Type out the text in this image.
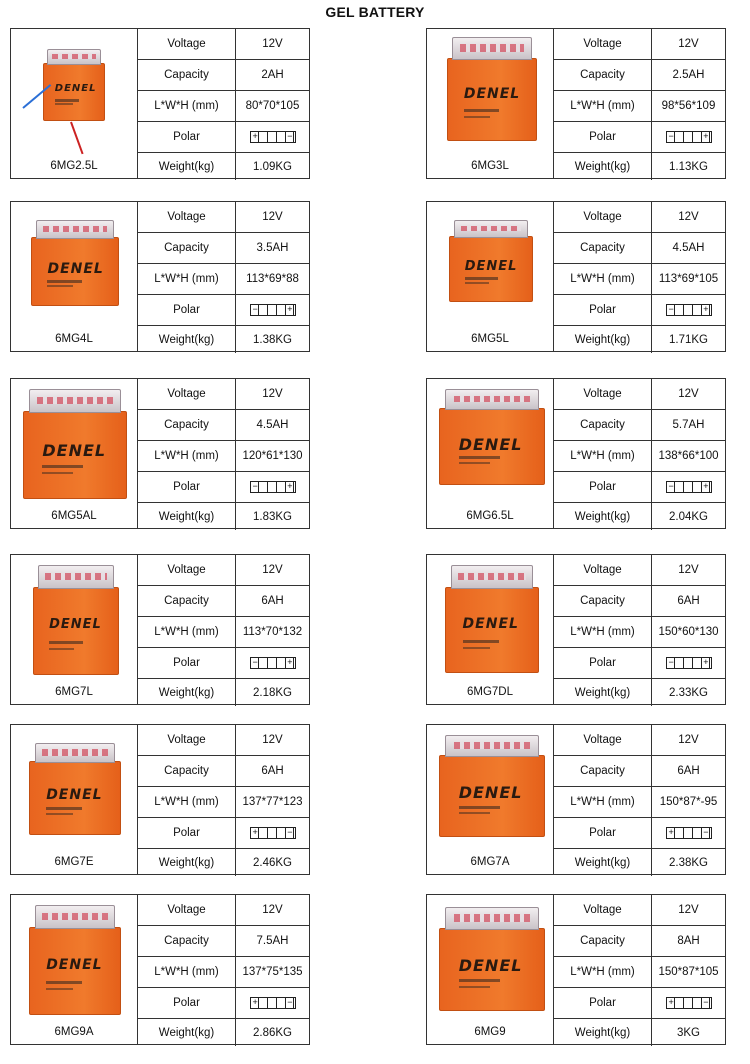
GEL BATTERY
DENEL
6MG2.5L
Voltage	12V
Capacity	2AH
L*W*H (mm)	80*70*105
Polar	+	−
Weight(kg)	1.09KG
DENEL
6MG3L
Voltage	12V
Capacity	2.5AH
L*W*H (mm)	98*56*109
Polar	−	+
Weight(kg)	1.13KG
DENEL
6MG4L
Voltage	12V
Capacity	3.5AH
L*W*H (mm)	113*69*88
Polar	−	+
Weight(kg)	1.38KG
DENEL
6MG5L
Voltage	12V
Capacity	4.5AH
L*W*H (mm)	113*69*105
Polar	−	+
Weight(kg)	1.71KG
DENEL
6MG5AL
Voltage	12V
Capacity	4.5AH
L*W*H (mm)	120*61*130
Polar	−	+
Weight(kg)	1.83KG
DENEL
6MG6.5L
Voltage	12V
Capacity	5.7AH
L*W*H (mm)	138*66*100
Polar	−	+
Weight(kg)	2.04KG
DENEL
6MG7L
Voltage	12V
Capacity	6AH
L*W*H (mm)	113*70*132
Polar	−	+
Weight(kg)	2.18KG
DENEL
6MG7DL
Voltage	12V
Capacity	6AH
L*W*H (mm)	150*60*130
Polar	−	+
Weight(kg)	2.33KG
DENEL
6MG7E
Voltage	12V
Capacity	6AH
L*W*H (mm)	137*77*123
Polar	+	−
Weight(kg)	2.46KG
DENEL
6MG7A
Voltage	12V
Capacity	6AH
L*W*H (mm)	150*87*-95
Polar	+	−
Weight(kg)	2.38KG
DENEL
6MG9A
Voltage	12V
Capacity	7.5AH
L*W*H (mm)	137*75*135
Polar	+	−
Weight(kg)	2.86KG
DENEL
6MG9
Voltage	12V
Capacity	8AH
L*W*H (mm)	150*87*105
Polar	+	−
Weight(kg)	3KG
